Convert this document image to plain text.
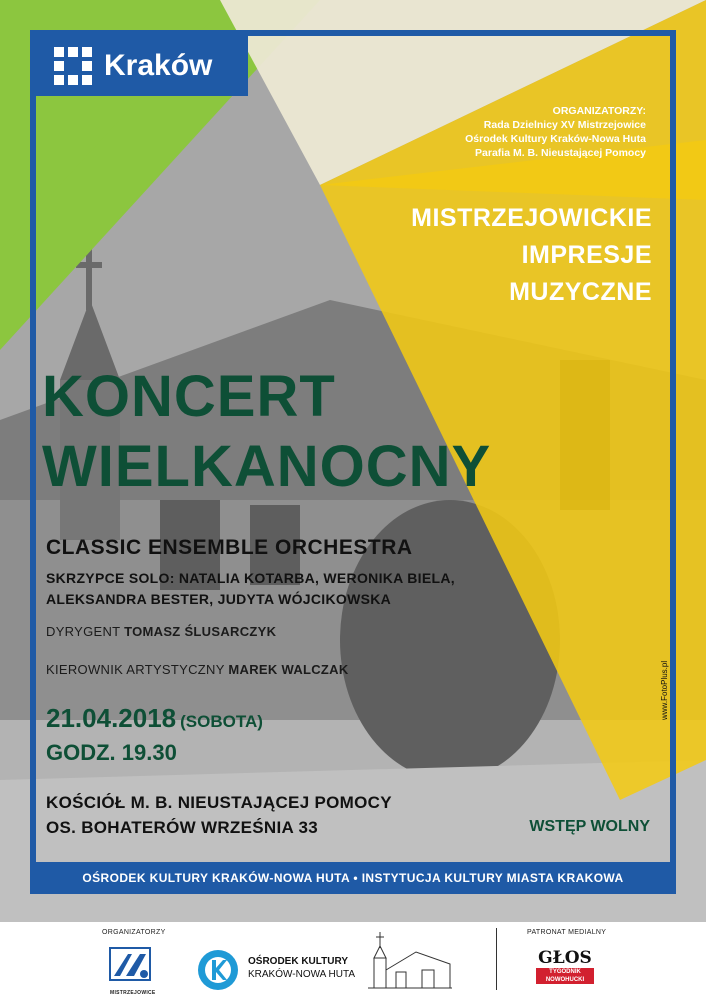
Kraków
ORGANIZATORZY:
Rada Dzielnicy XV Mistrzejowice
Ośrodek Kultury Kraków-Nowa Huta
Parafia M. B. Nieustającej Pomocy
MISTRZEJOWICKIE
IMPRESJE
MUZYCZNE
KONCERT
WIELKANOCNY
CLASSIC ENSEMBLE ORCHESTRA
SKRZYPCE SOLO: NATALIA KOTARBA, WERONIKA BIELA,
ALEKSANDRA BESTER, JUDYTA WÓJCIKOWSKA
DYRYGENT TOMASZ ŚLUSARCZYK
KIEROWNIK ARTYSTYCZNY MAREK WALCZAK
21.04.2018 (SOBOTA)
GODZ. 19.30
KOŚCIÓŁ M. B. NIEUSTAJĄCEJ POMOCY
OS. BOHATERÓW WRZEŚNIA 33	WSTĘP WOLNY
www.FotoPlus.pl
OŚRODEK KULTURY KRAKÓW-NOWA HUTA • INSTYTUCJA KULTURY MIASTA KRAKOWA
ORGANIZATORZY
MISTRZEJOWICE
OŚRODEK KULTURY
KRAKÓW-NOWA HUTA
PATRONAT MEDIALNY
GŁOS
TYGODNIK
NOWOHUCKI
